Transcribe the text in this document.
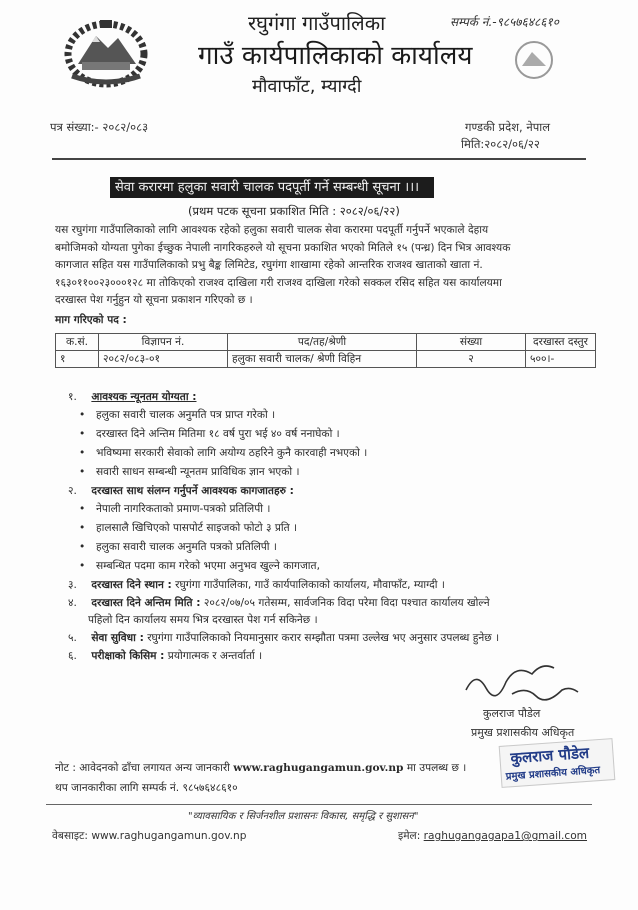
रघुगंगा गाउँपालिका
गाउँ कार्यपालिकाको कार्यालय
मौवाफाँट, म्याग्दी
सम्पर्क नं.-९८५७६४८६१०
पत्र संख्या:- २०८२/०८३	गण्डकी प्रदेश, नेपाल
मिति:२०८२/०६/२२
सेवा करारमा हलुका सवारी चालक पदपूर्ती गर्ने सम्बन्धी सूचना ।।।
(प्रथम पटक सूचना प्रकाशित मिति : २०८२/०६/२२)
यस रघुगंगा गाउँपालिकाको लागि आवश्यक रहेको हलुका सवारी चालक सेवा करारमा पदपूर्ती गर्नुपर्ने भएकाले देहाय
बमोजिमको योग्यता पुगेका ईच्छुक नेपाली नागरिकहरुले यो सूचना प्रकाशित भएको मितिले १५ (पन्ध्र) दिन भित्र आवश्यक
कागजात सहित यस गाउँपालिकाको प्रभु बैङ्क लिमिटेड, रघुगंगा शाखामा रहेको आन्तरिक राजश्व खाताको खाता नं.
१६३०११००२३०००१२८ मा तोकिएको राजश्व दाखिला गरी राजश्व दाखिला गरेको सक्कल रसिद सहित यस कार्यालयमा
दरखास्त पेश गर्नुहुन यो सूचना प्रकाशन गरिएको छ ।
माग गरिएको पद :
क.सं.	विज्ञापन नं.	पद/तह/श्रेणी	संख्या	दरखास्त दस्तुर
१	२०८२/०८३-०१	हलुका सवारी चालक/ श्रेणी विहिन	२	५००।-
१. आवश्यक न्यूनतम योग्यता :
• हलुका सवारी चालक अनुमति पत्र प्राप्त गरेको ।
• दरखास्त दिने अन्तिम मितिमा १८ वर्ष पुरा भई ४० वर्ष ननाघेको ।
• भविष्यमा सरकारी सेवाको लागि अयोग्य ठहरिने कुनै कारवाही नभएको ।
• सवारी साधन सम्बन्धी न्यूनतम प्राविधिक ज्ञान भएको ।
२. दरखास्त साथ संलग्न गर्नुपर्ने आवश्यक कागजातहरु :
• नेपाली नागरिकताको प्रमाण-पत्रको प्रतिलिपी ।
• हालसालै खिचिएको पासपोर्ट साइजको फोटो ३ प्रति ।
• हलुका सवारी चालक अनुमति पत्रको प्रतिलिपी ।
• सम्बन्धित पदमा काम गरेको भएमा अनुभव खुल्ने कागजात,
३. दरखास्त दिने स्थान : रघुगंगा गाउँपालिका, गाउँ कार्यपालिकाको कार्यालय, मौवाफाँट, म्याग्दी ।
४. दरखास्त दिने अन्तिम मिति : २०८२/०७/०५ गतेसम्म, सार्वजनिक विदा परेमा विदा पश्चात कार्यालय खोल्ने
पहिलो दिन कार्यालय समय भित्र दरखास्त पेश गर्न सकिनेछ ।
५. सेवा सुविधा : रघुगंगा गाउँपालिकाको नियमानुसार करार सम्झौता पत्रमा उल्लेख भए अनुसार उपलब्ध हुनेछ ।
६. परीक्षाको किसिम : प्रयोगात्मक र अन्तर्वार्ता ।
कुलराज पौडेल
प्रमुख प्रशासकीय अधिकृत
कुलराज पौडेल
प्रमुख प्रशासकीय अधिकृत
नोट : आवेदनको ढाँचा लगायत अन्य जानकारी www.raghugangamun.gov.np मा उपलब्ध छ ।
थप जानकारीका लागि सम्पर्क नं. ९८५७६४८६१०
"व्यावसायिक र सिर्जनशील प्रशासनः विकास, समृद्धि र सुशासन"
वेबसाइट: www.raghugangamun.gov.np	इमेल: raghugangagapa1@gmail.com
